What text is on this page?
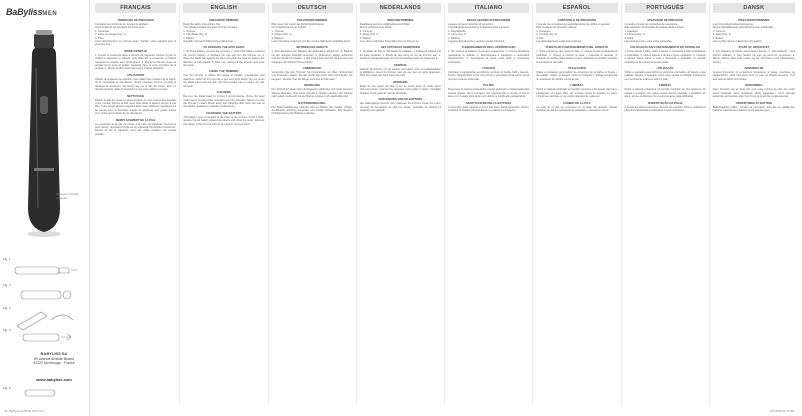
BaBylissMEN
Remove to Flush Cleanse
Fig. 1
Fig. 2
Fig. 3
Fig. 4
Fig. 5
BABYLISS SA
99 avenue Aristide Briand
92120 Montrouge - France
www.babyliss.com
FRANÇAIS
TONDEUSE DE PRÉCISION
Consultez ces schémas en ouvrant le dépliant.
Votre tondeuse de précision est livrée avec :
1. Tondeuse
2. Lame de rasage (Fig. 1)
3. Piles
Lisez attentivement ce manuel avant d’utiliser votre appareil pour la première fois.
MODE D’EMPLOI
1. Ouvrez le couvercle situé à l’arrière de l’appareil. Insérez la pile en veillant à respecter la polarité, puis refermez le couvercle. 2. Mettez l’appareil en marche avec l’interrupteur. 3. Placez la tête de coupe au contact de la peau et guidez l’appareil dans le sens contraire de la pousse. 4. Rincez la tête sous l’eau après chaque utilisation.
UTILISATION
Utilisez la tondeuse de précision pour définir les contours de la barbe, de la moustache et des favoris. Tenez l’appareil comme un stylo et déplacez-le lentement. Ne forcez pas sur la tête de coupe. Pour un résultat optimal, utilisez l’appareil sur une peau sèche et propre.
NETTOYAGE
Retirez la tête de coupe en tournant dans le sens inverse des aiguilles d’une montre. Rincez la tête sous l’eau tiède et laissez sécher à l’air libre. N’immergez jamais l’appareil dans l’eau. Nettoyez régulièrement les lames avec la brossette fournie et appliquez une goutte d’huile pour prolonger la durée de vie des lames.
REMPLACEMENT DE LA PILE
Le couvercle de la pile se trouve à la base de l’appareil. Tournez-le pour l’ouvrir, remplacez la pile AA en respectant la polarité et refermez. Retirez la pile si l’appareil n’est pas utilisé pendant une longue période.
ENGLISH
PRECISION TRIMMER
Read the safety instructions first.
This double-headed precision trimmer contains:
1. Trimmer
2. Cap Blade (Fig. 1)
3. Battery
Carefully read and follow these instructions.
TO OPERATE THE APPLIANCE
1. To fit the battery, remove the end cap. 2. Insert the battery ensuring the correct polarity. 3. Replace the cap and turn the trimmer on. 4. Place the blade flat against the skin and guide the trimmer against the direction of hair growth. 5. After use, switch off the trimmer and rinse the head.
USING THE TRIMMER
Use the trimmer to define the edges of beards, moustaches and sideburns. Hold the trimmer like a pen and work slowly. Do not press the blade hard onto the skin. For best results use on clean, dry hair and skin.
CLEANING
Remove the blade head by turning it anti-clockwise. Rinse the head under warm running water and allow it to dry naturally. Never immerse the trimmer in water. Brush away hair clippings after each use and oil the blades regularly to maintain performance.
CHANGING THE BATTERY
The battery cover is located at the base of the trimmer. Twist it open, replace the AA battery observing polarity and close the cover. Remove the battery if the trimmer will not be used for a long period.
DEUTSCH
PRÄZISIONSTRIMMER
Bitte lesen Sie zuerst die Sicherheitshinweise.
Der Präzisionstrimmer enthält:
1. Trimmer
2. Klinge (Abb. 1)
3. Batterie
Lesen Sie diese Anleitung vor dem ersten Gebrauch sorgfältig durch.
BETRIEB DES GERÄTS
1. Zum Einsetzen der Batterie die Abdeckung abnehmen. 2. Batterie mit der richtigen Polarität einsetzen. 3. Abdeckung wieder aufsetzen und das Gerät einschalten. 4. Die Klinge flach auf die Haut setzen und entgegen der Wuchsrichtung führen.
ANWENDUNG
Verwenden Sie den Trimmer zum Konturieren von Bart, Schnurrbart und Koteletten. Halten Sie das Gerät wie einen Stift und arbeiten Sie langsam. Drücken Sie die Klinge nicht fest auf die Haut.
REINIGUNG
Den Scherkopf gegen den Uhrzeigersinn abdrehen und unter warmem Wasser abspülen. Das Gerät niemals in Wasser tauchen. Die Klingen nach jedem Gebrauch mit der Bürste reinigen und regelmäßig ölen.
BATTERIEWECHSEL
Die Batterieabdeckung befindet sich am Boden des Geräts. Öffnen, AA-Batterie polrichtig einsetzen und wieder schließen. Bei längerer Nichtbenutzung die Batterie entfernen.
NEDERLANDS
PRECISIETRIMMER
Raadpleeg eerst de veiligheidsvoorschriften.
Deze precisietrimmer bevat:
1. Trimmer
2. Mesje (Fig. 1)
3. Batterij
Lees deze instructies zorgvuldig door en volg ze op.
HET APPARAAT GEBRUIKEN
1. Verwijder de dop om de batterij te plaatsen. 2. Plaats de batterij met de juiste polariteit. 3. Plaats de dop terug en zet de trimmer aan. 4. Houd het mesje plat tegen de huid en beweeg tegen de haargroei in.
GEBRUIK
Gebruik de trimmer om de randen van baard, snor en bakkebaarden te definiëren. Houd de trimmer vast als een pen en werk langzaam. Druk het mesje niet hard tegen de huid.
REINIGING
Draai de kop tegen de klok in los en spoel deze af onder warm stromend water. Dompel het apparaat nooit onder in water. Verwijder haartjes na elk gebruik met het borsteltje.
VERVANGING VAN DE BATTERIJ
Het batterijklepje bevindt zich onderaan de trimmer. Draai het open, vervang de AA-batterij en sluit het klepje. Verwijder de batterij bij langdurig niet-gebruik.
ITALIANO
REGOLABARBA DI PRECISIONE
Leggere prima le istruzioni di sicurezza.
Il regolabarba di precisione a doppia testina contiene:
1. Regolabarba
2. Lama (Fig. 1)
3. Batteria
Leggere attentamente e seguire queste istruzioni.
FUNZIONAMENTO DELL’APPARECCHIO
1. Per inserire la batteria, rimuovere il cappuccio. 2. Inserire la batteria rispettando la polarità. 3. Riposizionare il cappuccio e accendere l’apparecchio. 4. Appoggiare la lama sulla pelle e procedere contropelo.
UTILIZZO
Utilizzare il regolabarba per definire i contorni di barba, baffi e basette. Tenere l’apparecchio come una penna e procedere lentamente senza premere la lama sulla pelle.
PULIZIA
Rimuovere la testina ruotandola in senso antiorario e sciacquarla sotto l’acqua tiepida. Non immergere mai l’apparecchio in acqua. Pulire le lame con lo spazzolino dopo ogni utilizzo e lubrificarle regolarmente.
SOSTITUZIONE DELLA BATTERIA
Il coperchio della batteria si trova alla base dell’apparecchio. Aprirlo, sostituire la batteria AA rispettando la polarità e richiuderlo.
ESPAÑOL
CORTAPELO DE PRECISIÓN
Consulte las consignas de seguridad antes de utilizar el aparato.
Este cortapelo de precisión incluye:
1. Cortapelo
2. Cuchilla (Fig. 1)
3. Pila
Lea detenidamente estas instrucciones.
PUESTA EN FUNCIONAMIENTO DEL APARATO
1. Para colocar la pila, retire la tapa. 2. Inserte la pila respetando la polaridad. 3. Vuelva a colocar la tapa y encienda el aparato. 4. Coloque la cuchilla plana sobre la piel y deslícela en sentido contrario al crecimiento del vello.
UTILIZACIÓN
Utilice el cortapelo para definir los contornos de la barba, el bigote y las patillas. Sujete el aparato como un bolígrafo y trabaje lentamente sin presionar la cuchilla contra la piel.
LIMPIEZA
Retire el cabezal girándolo en sentido contrario a las agujas del reloj y enjuáguelo con agua tibia. No sumerja nunca el aparato en agua. Limpie las cuchillas con el cepillo después de cada uso.
CAMBIO DE LA PILA
La tapa de la pila se encuentra en la base del aparato. Ábrala, sustituya la pila AA respetando la polaridad y ciérrela de nuevo.
PORTUGUÊS
APARADOR DE PRECISÃO
Consulte primeiro as instruções de segurança.
Este aparador de precisão de cabeça dupla contém:
1. Aparador
2. Lâmina (Fig. 1)
3. Pilha
Leia atentamente e siga estas instruções.
COLOCAÇÃO EM FUNCIONAMENTO DO APARELHO
1. Para colocar a pilha, retire a tampa. 2. Introduza a pilha respeitando a polaridade. 3. Volte a colocar a tampa e ligue o aparelho. 4. Coloque a lâmina plana sobre a pele e desloque o aparador no sentido contrário ao do crescimento dos pelos.
UTILIZAÇÃO
Utilize o aparador para definir os contornos da barba, do bigode e das patilhas. Segure o aparelho como uma caneta e trabalhe lentamente sem pressionar a lâmina sobre a pele.
LIMPEZA
Retire a cabeça rodando-a no sentido contrário ao dos ponteiros do relógio e enxagúe com água morna. Nunca mergulhe o aparelho em água. Limpe as lâminas com a escova após cada utilização.
SUBSTITUIÇÃO DA PILHA
A tampa da pilha encontra-se na base do aparelho. Abra-a, substitua a pilha AA respeitando a polaridade e volte a fechá-la.
DANSK
PRÆCISIONSTRIMMER
Læs først sikkerhedsanvisningerne.
Denne dobbelthovede præcisionstrimmer indeholder:
1. Trimmer
2. Skær (Fig. 1)
3. Batteri
Læs og følg denne vejledning omhyggeligt.
START AF APPARATET
1. For isætning af batteri skal hætten fjernes. 2. Sæt batteriet i med korrekt polaritet. 3. Sæt hætten på igen og tænd for trimmeren. 4. Placer skæret fladt mod huden og før trimmeren mod hårvækstens retning.
ANVENDELSE
Anvend trimmeren til at definere konturerne af skæg, overskæg og bakkenbarter. Hold trimmeren som en pen og arbejd langsomt. Tryk ikke skæret hårdt mod huden.
RENGØRING
Fjern hovedet ved at dreje det mod urets retning og skyl det under varmt rindende vand. Nedsænk aldrig apparatet i vand. Rengør skærene med børsten efter hver brug og smør dem regelmæssigt.
UDSKIFTNING AF BATTERI
Batteridækslet sidder i bunden af trimmeren. Drej det op, udskift AA-batteriet med korrekt polaritet og luk dækslet igen.
V1_Babyliss-E2B2E_06.indd 1	04/10/18 11:27:58
